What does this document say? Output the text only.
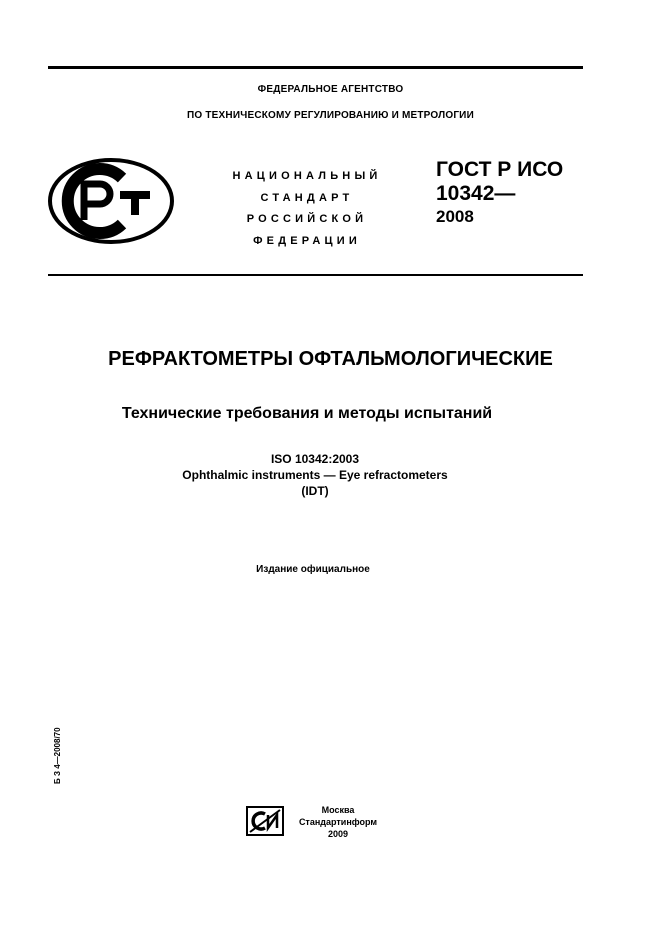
ФЕДЕРАЛЬНОЕ АГЕНТСТВО
ПО ТЕХНИЧЕСКОМУ РЕГУЛИРОВАНИЮ И МЕТРОЛОГИИ
НАЦИОНАЛЬНЫЙ
СТАНДАРТ
РОССИЙСКОЙ
ФЕДЕРАЦИИ
ГОСТ Р ИСО
10342—
2008
РЕФРАКТОМЕТРЫ ОФТАЛЬМОЛОГИЧЕСКИЕ
Технические требования и методы испытаний
ISO 10342:2003
Ophthalmic instruments — Eye refractometers
(IDT)
Издание официальное
Б З 4—2008/70
Москва
Стандартинформ
2009
